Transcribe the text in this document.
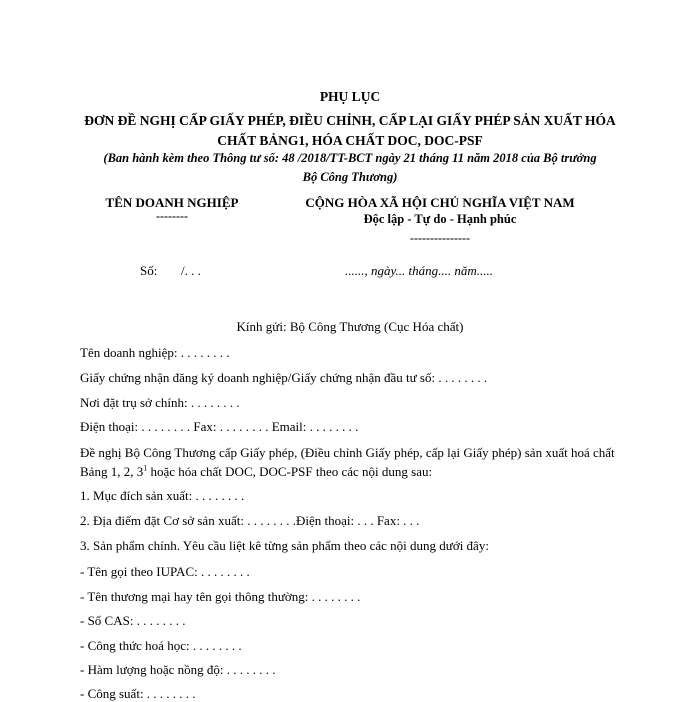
PHỤ LỤC
ĐƠN ĐỀ NGHỊ CẤP GIẤY PHÉP, ĐIỀU CHỈNH, CẤP LẠI GIẤY PHÉP SẢN XUẤT HÓA
CHẤT BẢNG1, HÓA CHẤT DOC, DOC-PSF
(Ban hành kèm theo Thông tư số: 48 /2018/TT-BCT ngày 21 tháng 11 năm 2018 của Bộ trưởng
Bộ Công Thương)
TÊN DOANH NGHIỆP
--------
CỘNG HÒA XÃ HỘI CHỦ NGHĨA VIỆT NAM
Độc lập - Tự do - Hạnh phúc
---------------
Số: /. . .	......, ngày... tháng.... năm.....
Kính gửi: Bộ Công Thương (Cục Hóa chất)
Tên doanh nghiệp: . . . . . . . .
Giấy chứng nhận đăng ký doanh nghiệp/Giấy chứng nhận đầu tư số: . . . . . . . .
Nơi đặt trụ sở chính: . . . . . . . .
Điện thoại: . . . . . . . . Fax: . . . . . . . . Email: . . . . . . . .
Đề nghị Bộ Công Thương cấp Giấy phép, (Điều chỉnh Giấy phép, cấp lại Giấy phép) sản xuất hoá chất Bảng 1, 2, $3^1$ hoặc hóa chất DOC, DOC-PSF theo các nội dung sau:
1. Mục đích sản xuất: . . . . . . . .
2. Địa điểm đặt Cơ sở sản xuất: . . . . . . . .Điện thoại: . . . Fax: . . .
3. Sản phẩm chính. Yêu cầu liệt kê từng sản phẩm theo các nội dung dưới đây:
- Tên gọi theo IUPAC: . . . . . . . .
- Tên thương mại hay tên gọi thông thường: . . . . . . . .
- Số CAS: . . . . . . . .
- Công thức hoá học: . . . . . . . .
- Hàm lượng hoặc nồng độ: . . . . . . . .
- Công suất: . . . . . . . .
